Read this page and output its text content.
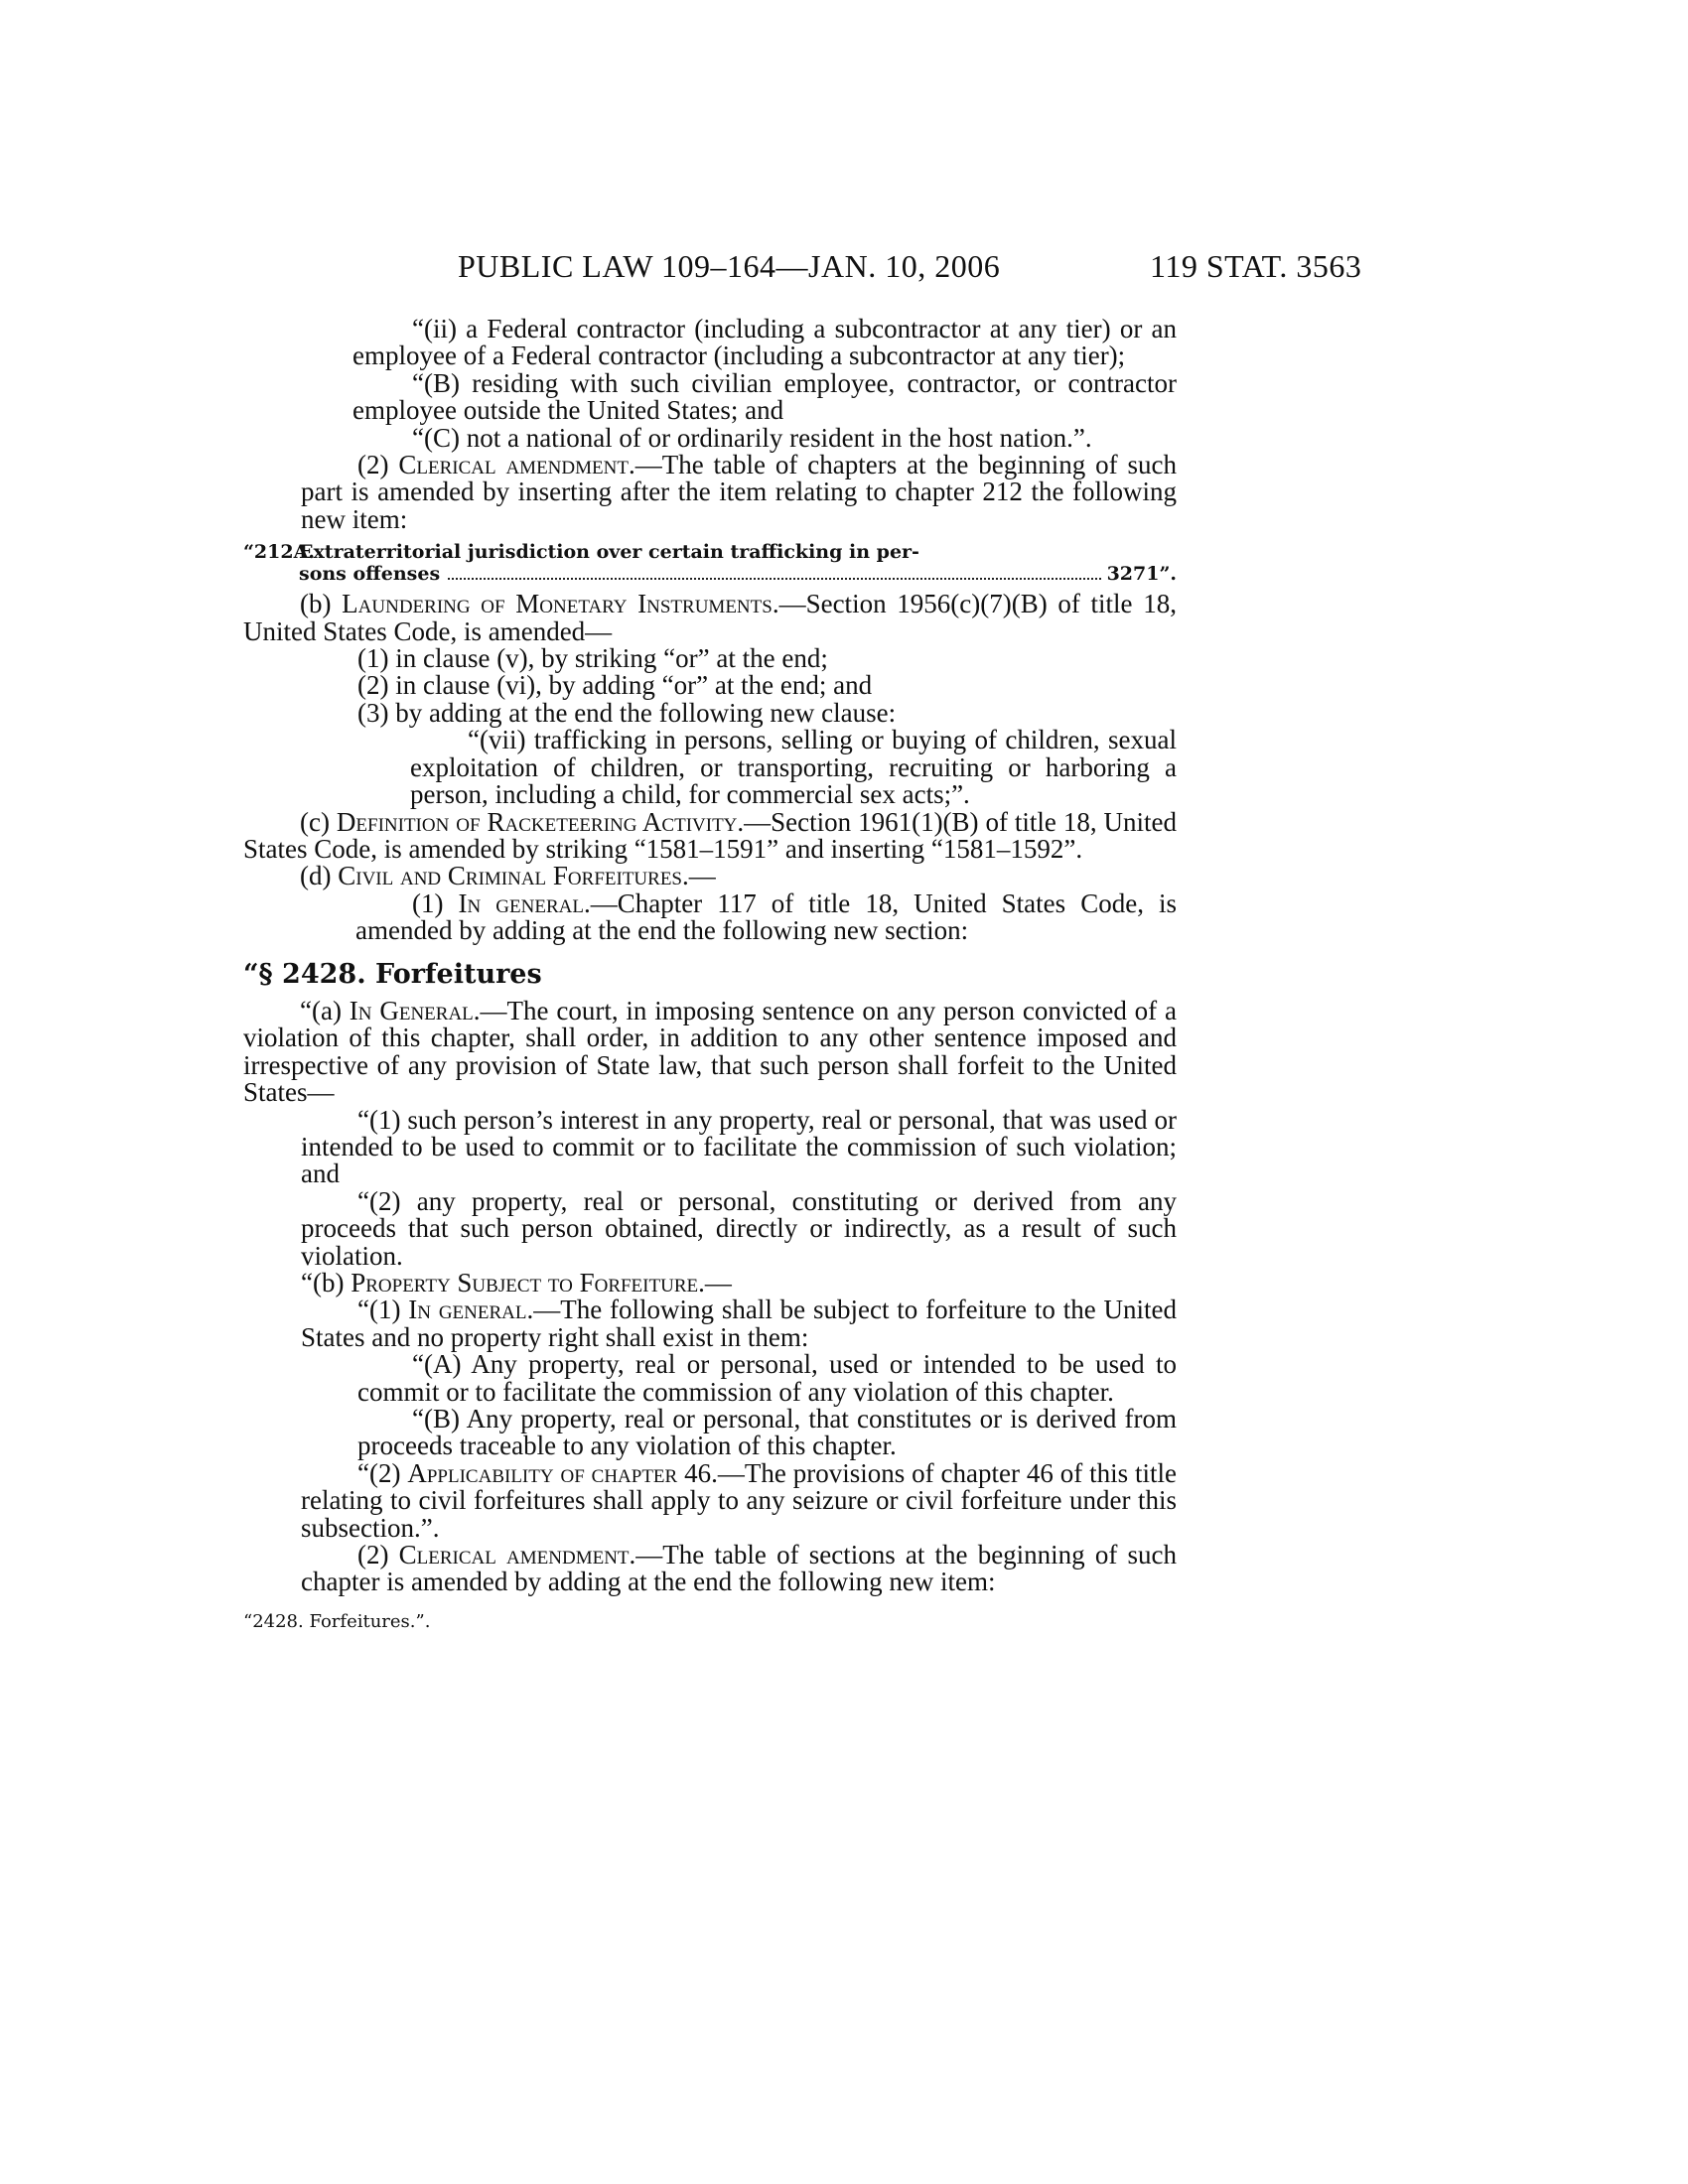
PUBLIC LAW 109–164—JAN. 10, 2006	119 STAT. 3563

“(ii) a Federal contractor (including a subcontractor at any tier) or an employee of a Federal contractor (including a subcontractor at any tier);

“(B) residing with such civilian employee, contractor, or contractor employee outside the United States; and

“(C) not a national of or ordinarily resident in the host nation.”.

(2) Clerical amendment.—The table of chapters at the beginning of such part is amended by inserting after the item relating to chapter 212 the following new item:

“212A.
Extraterritorial jurisdiction over certain trafficking in per-
sons offenses	3271”.

(b) Laundering of Monetary Instruments.—Section 1956(c)(7)(B) of title 18, United States Code, is amended—

(1) in clause (v), by striking “or” at the end;

(2) in clause (vi), by adding “or” at the end; and

(3) by adding at the end the following new clause:

“(vii) trafficking in persons, selling or buying of children, sexual exploitation of children, or transporting, recruiting or harboring a person, including a child, for commercial sex acts;”.

(c) Definition of Racketeering Activity.—Section 1961(1)(B) of title 18, United States Code, is amended by striking “1581–1591” and inserting “1581–1592”.

(d) Civil and Criminal Forfeitures.—

(1) In general.—Chapter 117 of title 18, United States Code, is amended by adding at the end the following new section:

“§ 2428. Forfeitures

“(a) In General.—The court, in imposing sentence on any person convicted of a violation of this chapter, shall order, in addition to any other sentence imposed and irrespective of any provision of State law, that such person shall forfeit to the United States—

“(1) such person’s interest in any property, real or personal, that was used or intended to be used to commit or to facilitate the commission of such violation; and

“(2) any property, real or personal, constituting or derived from any proceeds that such person obtained, directly or indirectly, as a result of such violation.

“(b) Property Subject to Forfeiture.—

“(1) In general.—The following shall be subject to forfeiture to the United States and no property right shall exist in them:

“(A) Any property, real or personal, used or intended to be used to commit or to facilitate the commission of any violation of this chapter.

“(B) Any property, real or personal, that constitutes or is derived from proceeds traceable to any violation of this chapter.

“(2) Applicability of chapter 46.—The provisions of chapter 46 of this title relating to civil forfeitures shall apply to any seizure or civil forfeiture under this subsection.”.

(2) Clerical amendment.—The table of sections at the beginning of such chapter is amended by adding at the end the following new item:

“2428. Forfeitures.”.
